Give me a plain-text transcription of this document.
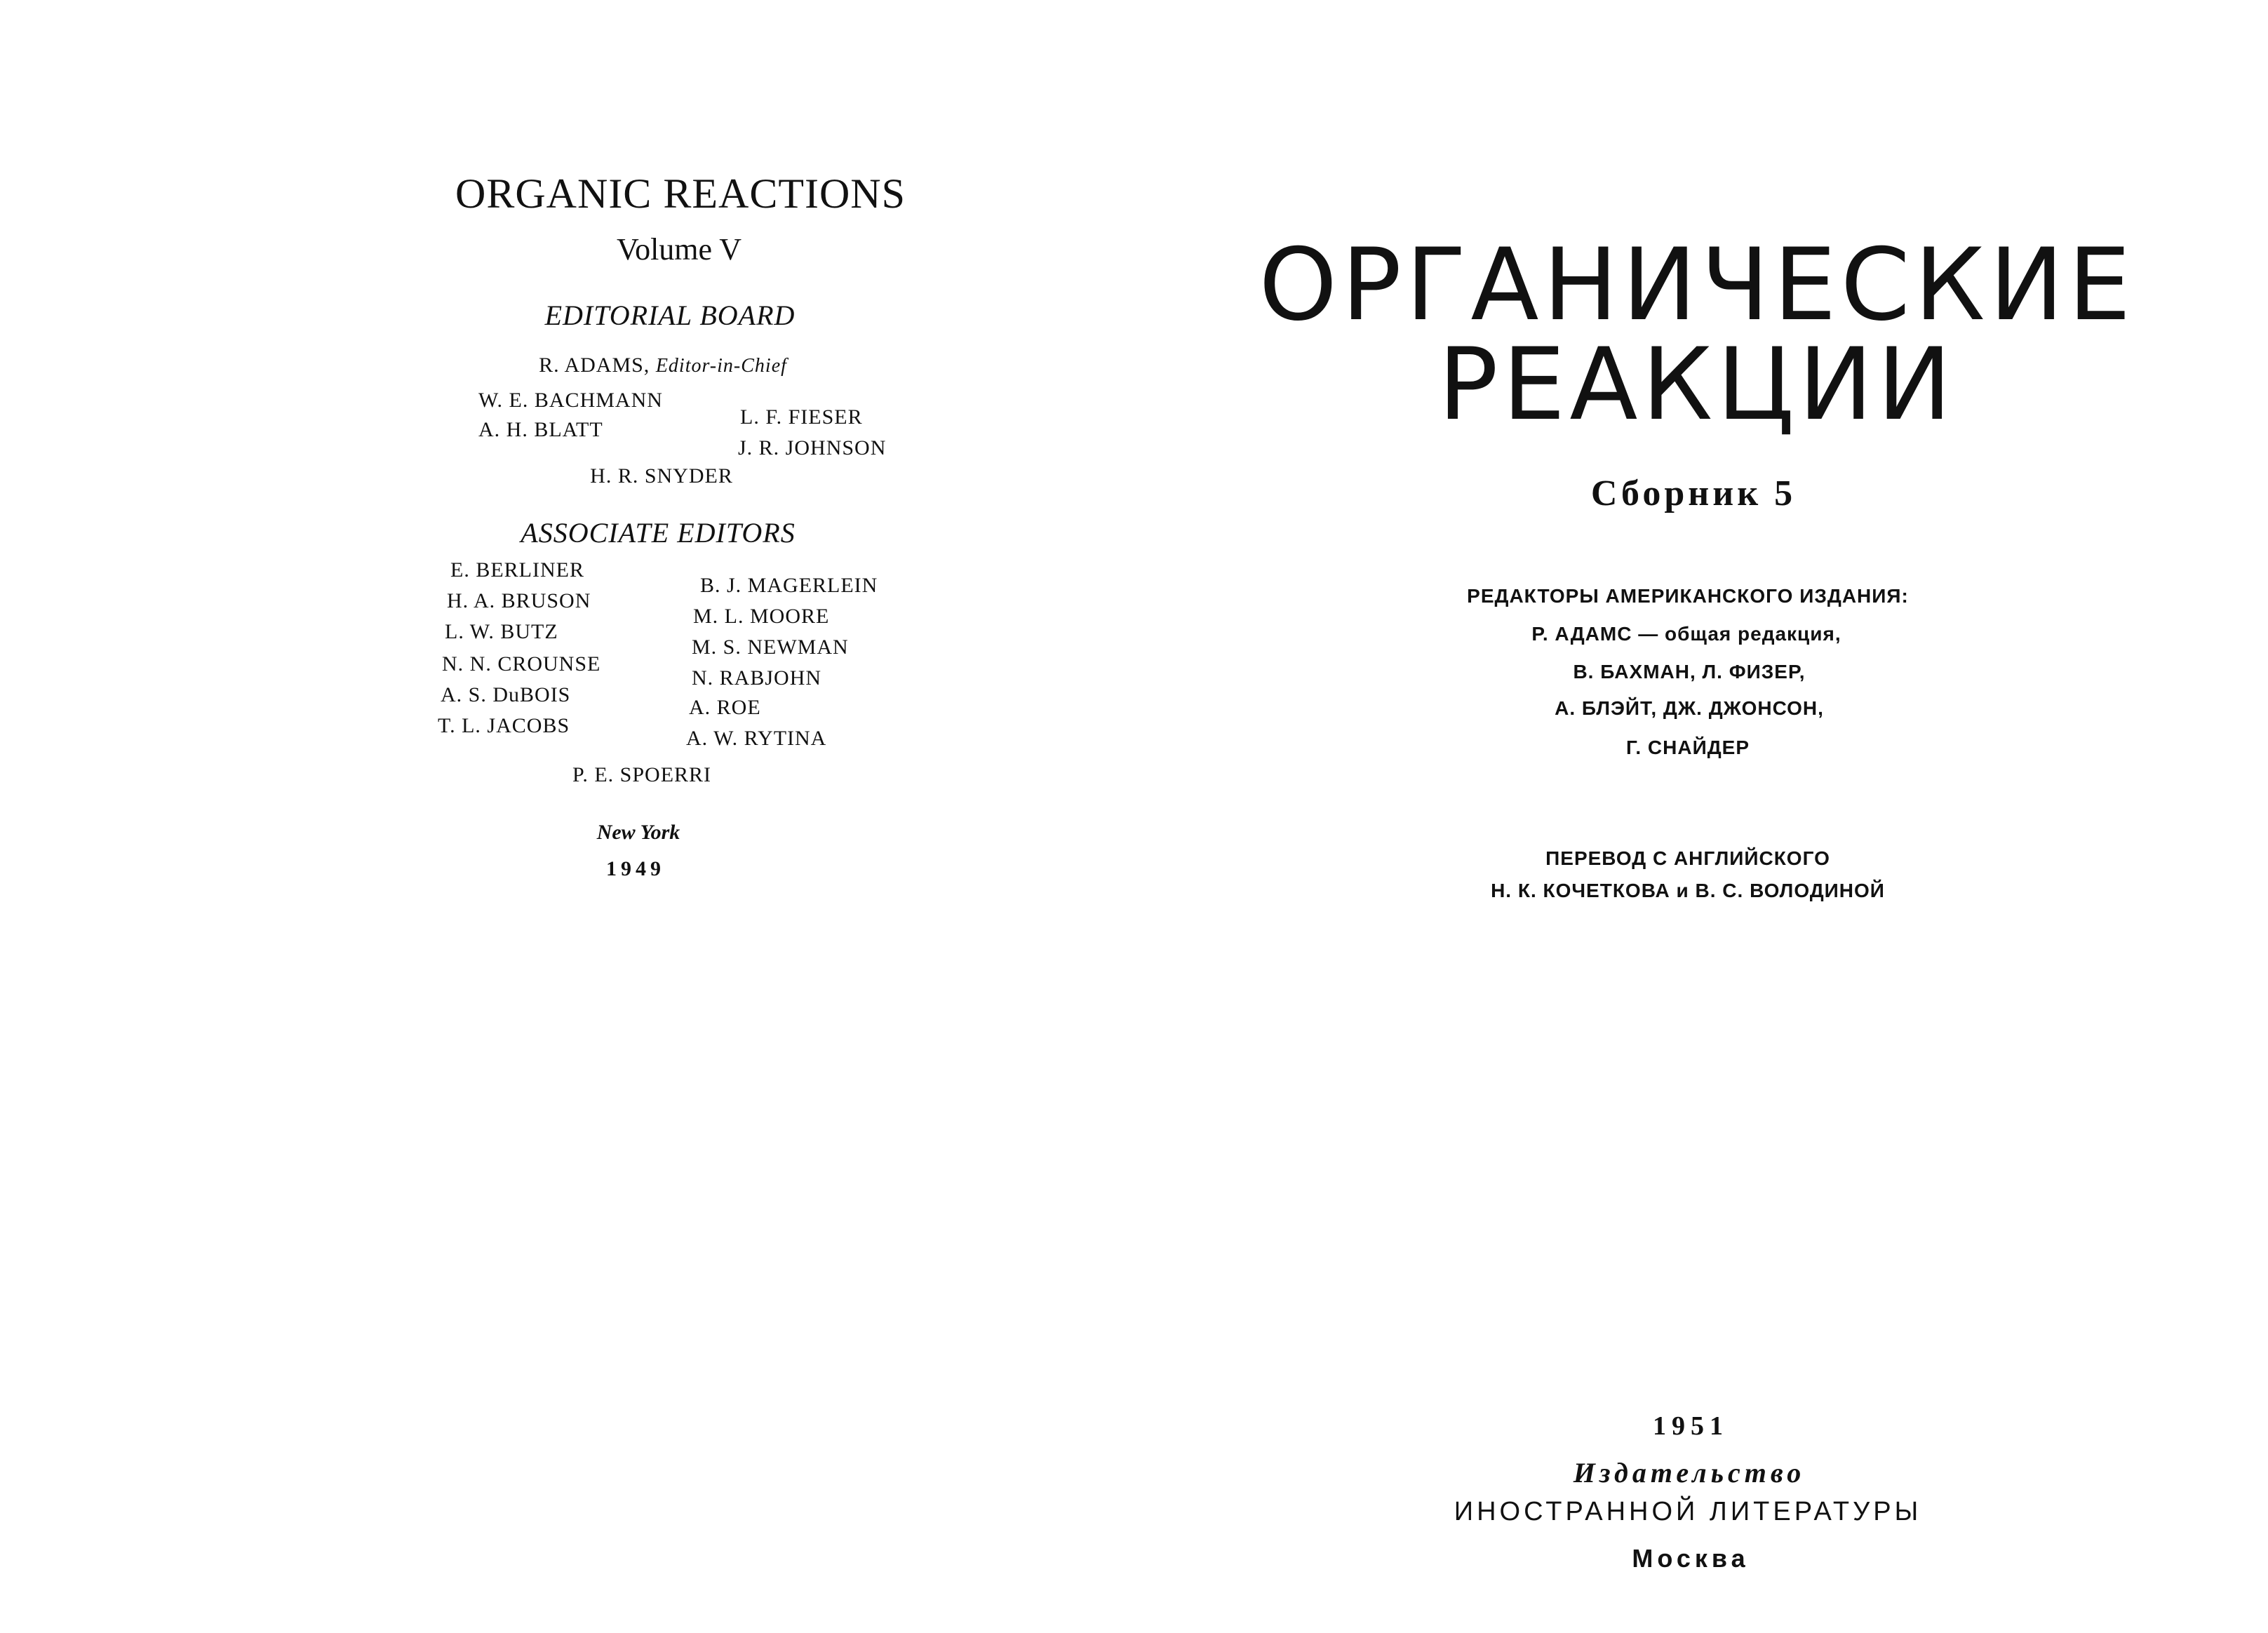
ORGANIC REACTIONS
Volume V
EDITORIAL BOARD
R. ADAMS, Editor-in-Chief
W. E. BACHMANN
A. H. BLATT
L. F. FIESER
J. R. JOHNSON
H. R. SNYDER
ASSOCIATE EDITORS
E. BERLINER
H. A. BRUSON
L. W. BUTZ
N. N. CROUNSE
A. S. DuBOIS
T. L. JACOBS
B. J. MAGERLEIN
M. L. MOORE
M. S. NEWMAN
N. RABJOHN
A. ROE
A. W. RYTINA
P. E. SPOERRI
New York
1949
ОРГАНИЧЕСКИЕ
РЕАКЦИИ
Сборник 5
РЕДАКТОРЫ АМЕРИКАНСКОГО ИЗДАНИЯ:
Р. АДАМС — общая редакция,
В. БАХМАН, Л. ФИЗЕР,
А. БЛЭЙТ, ДЖ. ДЖОНСОН,
Г. СНАЙДЕР
ПЕРЕВОД С АНГЛИЙСКОГО
Н. К. КОЧЕТКОВА и В. С. ВОЛОДИНОЙ
1951
Издательство
ИНОСТРАННОЙ ЛИТЕРАТУРЫ
Москва
